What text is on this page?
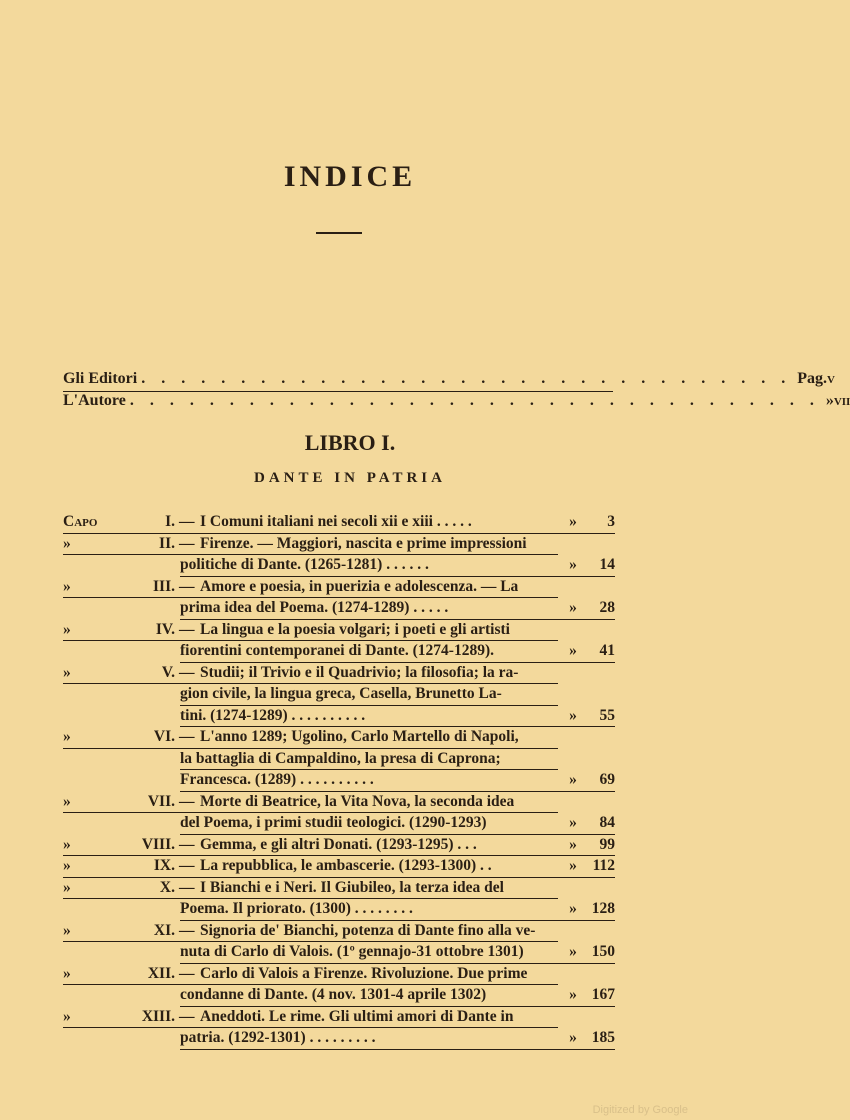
INDICE
Gli Editori . . . . . . . . . . . . . . . . . . . . . . . . . . . . . . . . . Pag. v
L'Autore . . . . . . . . . . . . . . . . . . . . . . . . . . . . . . . . . . . » vii
LIBRO I.
DANTE IN PATRIA
Capo	I. — I Comuni italiani nei secoli xii e xiii . . . . .	»	3
»	II. — Firenze. — Maggiori, nascita e prime impressioni
politiche di Dante. (1265-1281) . . . . . .	»	14
»	III. — Amore e poesia, in puerizia e adolescenza. — La
prima idea del Poema. (1274-1289) . . . . .	»	28
»	IV. — La lingua e la poesia volgari; i poeti e gli artisti
fiorentini contemporanei di Dante. (1274-1289).	»	41
»	V. — Studii; il Trivio e il Quadrivio; la filosofia; la ra-
gion civile, la lingua greca, Casella, Brunetto La-
tini. (1274-1289) . . . . . . . . . .	»	55
»	VI. — L'anno 1289; Ugolino, Carlo Martello di Napoli,
la battaglia di Campaldino, la presa di Caprona;
Francesca. (1289) . . . . . . . . . .	»	69
»	VII. — Morte di Beatrice, la Vita Nova, la seconda idea
del Poema, i primi studii teologici. (1290-1293)	»	84
»	VIII. — Gemma, e gli altri Donati. (1293-1295) . . .	»	99
»	IX. — La repubblica, le ambascerie. (1293-1300) . .	»	112
»	X. — I Bianchi e i Neri. Il Giubileo, la terza idea del
Poema. Il priorato. (1300) . . . . . . . .	» 128
»	XI. — Signoria de' Bianchi, potenza di Dante fino alla ve-
nuta di Carlo di Valois. (1º gennajo-31 ottobre 1301)	» 150
»	XII. — Carlo di Valois a Firenze. Rivoluzione. Due prime
condanne di Dante. (4 nov. 1301-4 aprile 1302)	» 167
»	XIII. — Aneddoti. Le rime. Gli ultimi amori di Dante in
patria. (1292-1301) . . . . . . . . .	» 185
Digitized by Google
